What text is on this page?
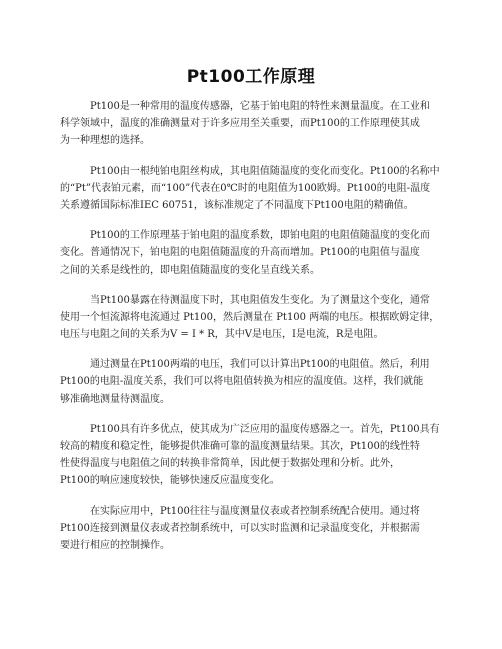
Pt100工作原理
Pt100是一种常用的温度传感器，它基于铂电阻的特性来测量温度。在工业和
科学领域中，温度的准确测量对于许多应用至关重要，而Pt100的工作原理使其成
为一种理想的选择。
Pt100由一根纯铂电阻丝构成，其电阻值随温度的变化而变化。Pt100的名称中
的“Pt”代表铂元素，而“100”代表在0℃时的电阻值为100欧姆。Pt100的电阻-温度
关系遵循国际标准IEC 60751，该标准规定了不同温度下Pt100电阻的精确值。
Pt100的工作原理基于铂电阻的温度系数，即铂电阻的电阻值随温度的变化而
变化。普通情况下，铂电阻的电阻值随温度的升高而增加。Pt100的电阻值与温度
之间的关系是线性的，即电阻值随温度的变化呈直线关系。
当Pt100暴露在待测温度下时，其电阻值发生变化。为了测量这个变化，通常
使用一个恒流源将电流通过 Pt100，然后测量在 Pt100 两端的电压。根据欧姆定律，
电压与电阻之间的关系为V = I * R，其中V是电压，I是电流，R是电阻。
通过测量在Pt100两端的电压，我们可以计算出Pt100的电阻值。然后，利用
Pt100的电阻-温度关系，我们可以将电阻值转换为相应的温度值。这样，我们就能
够准确地测量待测温度。
Pt100具有许多优点，使其成为广泛应用的温度传感器之一。首先，Pt100具有
较高的精度和稳定性，能够提供准确可靠的温度测量结果。其次，Pt100的线性特
性使得温度与电阻值之间的转换非常简单，因此便于数据处理和分析。此外，
Pt100的响应速度较快，能够快速反应温度变化。
在实际应用中，Pt100往往与温度测量仪表或者控制系统配合使用。通过将
Pt100连接到测量仪表或者控制系统中，可以实时监测和记录温度变化，并根据需
要进行相应的控制操作。
